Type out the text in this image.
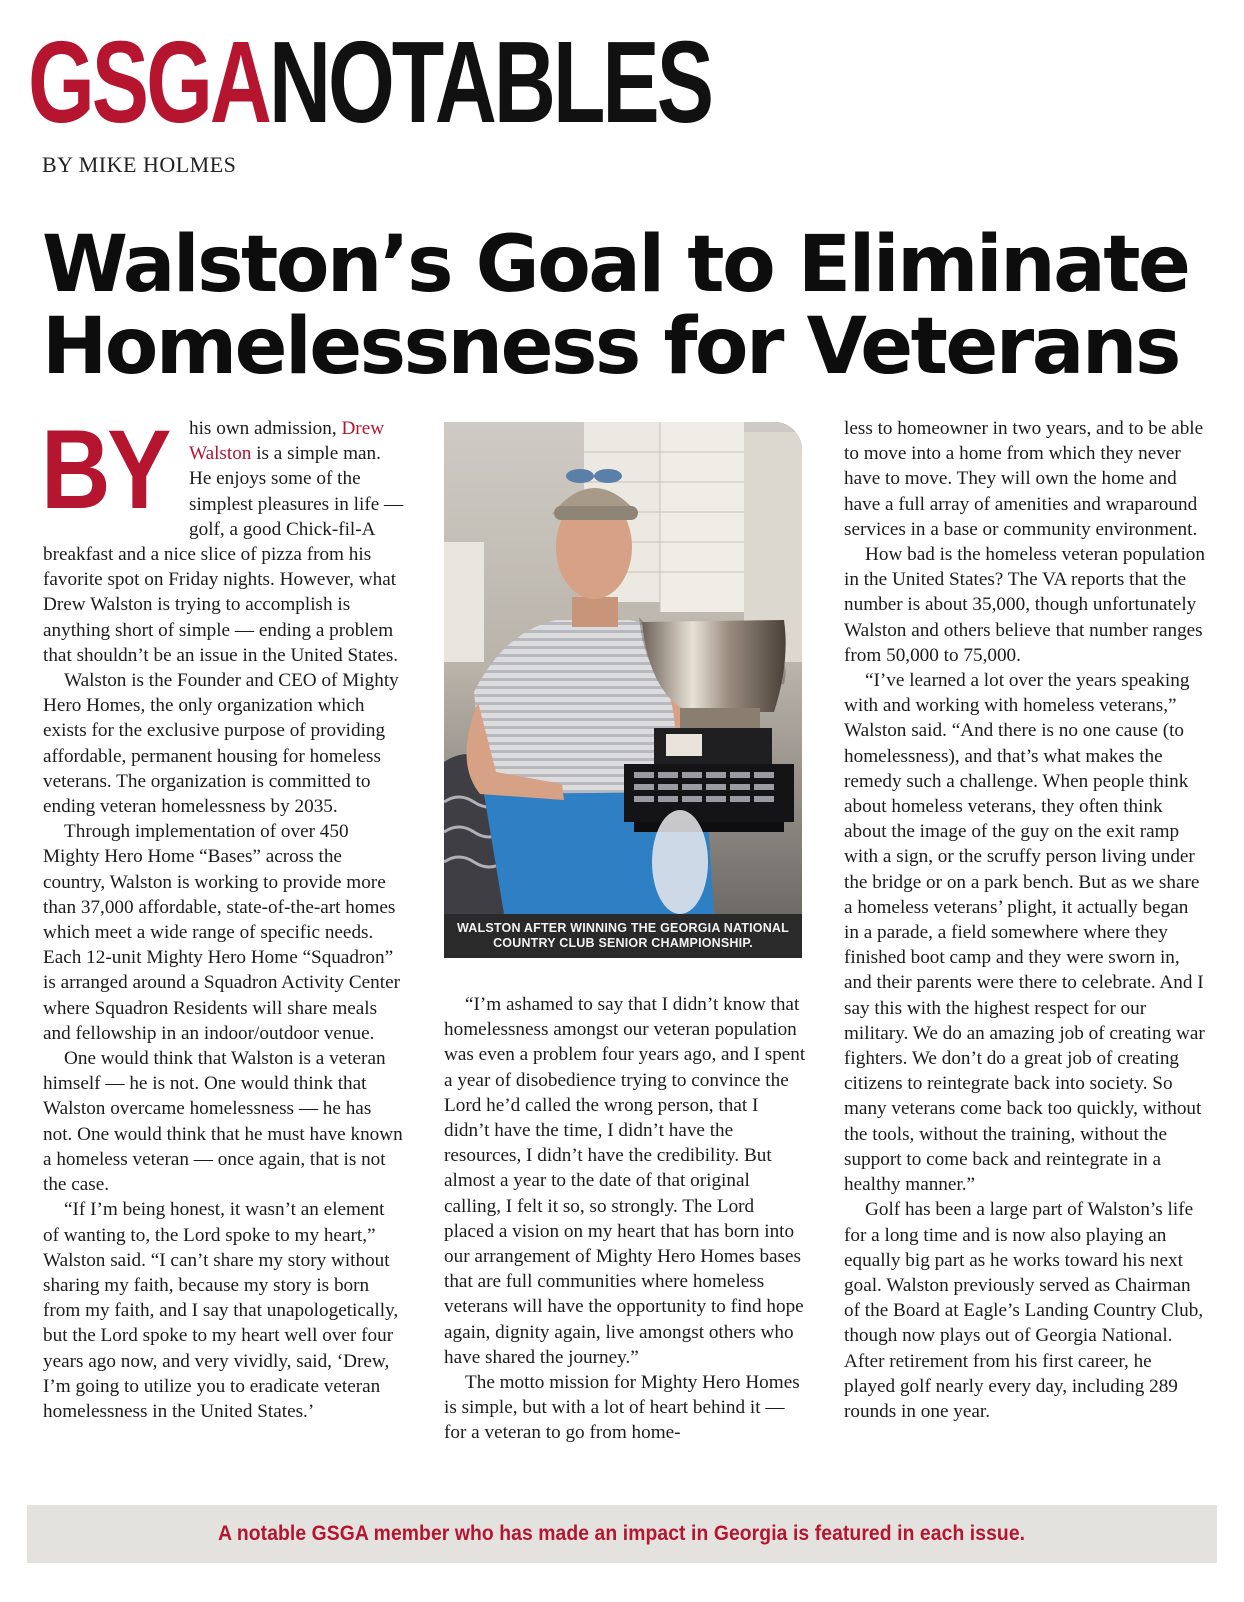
GSGANOTABLES
BY MIKE HOLMES
Walston’s Goal to Eliminate
Homelessness for Veterans

BY his own admission, Drew Walston is a simple man. He enjoys some of the simplest pleasures in life — golf, a good Chick-fil-A breakfast and a nice slice of pizza from his favorite spot on Friday nights. However, what Drew Walston is trying to accomplish is anything short of simple — ending a problem that shouldn’t be an issue in the United States.

Walston is the Founder and CEO of Mighty Hero Homes, the only organization which exists for the exclusive purpose of providing affordable, permanent housing for homeless veterans. The organization is committed to ending veteran homelessness by 2035.

Through implementation of over 450 Mighty Hero Home “Bases” across the country, Walston is working to provide more than 37,000 affordable, state-of-the-art homes which meet a wide range of specific needs. Each 12-unit Mighty Hero Home “Squadron” is arranged around a Squadron Activity Center where Squadron Residents will share meals and fellowship in an indoor/outdoor venue.

One would think that Walston is a veteran himself — he is not. One would think that Walston overcame homelessness — he has not. One would think that he must have known a homeless veteran — once again, that is not the case.

“If I’m being honest, it wasn’t an element of wanting to, the Lord spoke to my heart,” Walston said. “I can’t share my story without sharing my faith, because my story is born from my faith, and I say that unapologetically, but the Lord spoke to my heart well over four years ago now, and very vividly, said, ‘Drew, I’m going to utilize you to eradicate veteran homelessness in the United States.’

WALSTON AFTER WINNING THE GEORGIA NATIONAL
COUNTRY CLUB SENIOR CHAMPIONSHIP.

“I’m ashamed to say that I didn’t know that homelessness amongst our veteran population was even a problem four years ago, and I spent a year of disobedience trying to convince the Lord he’d called the wrong person, that I didn’t have the time, I didn’t have the resources, I didn’t have the credibility. But almost a year to the date of that original calling, I felt it so, so strongly. The Lord placed a vision on my heart that has born into our arrangement of Mighty Hero Homes bases that are full communities where homeless veterans will have the opportunity to find hope again, dignity again, live amongst others who have shared the journey.”

The motto mission for Mighty Hero Homes is simple, but with a lot of heart behind it — for a veteran to go from home-

less to homeowner in two years, and to be able to move into a home from which they never have to move. They will own the home and have a full array of amenities and wraparound services in a base or community environment.

How bad is the homeless veteran population in the United States? The VA reports that the number is about 35,000, though unfortunately Walston and others believe that number ranges from 50,000 to 75,000.

“I’ve learned a lot over the years speaking with and working with homeless veterans,” Walston said. “And there is no one cause (to homelessness), and that’s what makes the remedy such a challenge. When people think about homeless veterans, they often think about the image of the guy on the exit ramp with a sign, or the scruffy person living under the bridge or on a park bench. But as we share a homeless veterans’ plight, it actually began in a parade, a field somewhere where they finished boot camp and they were sworn in, and their parents were there to celebrate. And I say this with the highest respect for our military. We do an amazing job of creating war fighters. We don’t do a great job of creating citizens to reintegrate back into society. So many veterans come back too quickly, without the tools, without the training, without the support to come back and reintegrate in a healthy manner.”

Golf has been a large part of Walston’s life for a long time and is now also playing an equally big part as he works toward his next goal. Walston previously served as Chairman of the Board at Eagle’s Landing Country Club, though now plays out of Georgia National. After retirement from his first career, he played golf nearly every day, including 289 rounds in one year.

A notable GSGA member who has made an impact in Georgia is featured in each issue.
